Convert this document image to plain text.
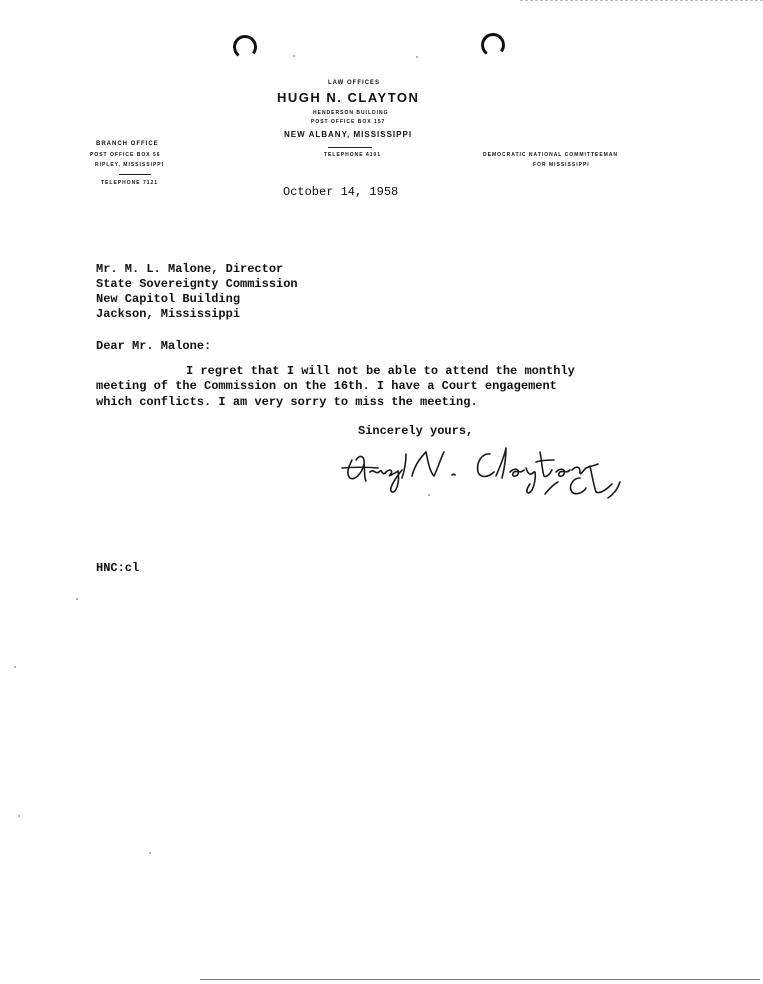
LAW OFFICES
HUGH N. CLAYTON
HENDERSON BUILDING
POST OFFICE BOX 157
NEW ALBANY, MISSISSIPPI
TELEPHONE 4101
BRANCH OFFICE
POST OFFICE BOX 56
RIPLEY, MISSISSIPPI
TELEPHONE 7121
DEMOCRATIC NATIONAL COMMITTEEMAN
FOR MISSISSIPPI
October 14, 1958
Mr. M. L. Malone, Director
State Sovereignty Commission
New Capitol Building
Jackson, Mississippi
Dear Mr. Malone:
I regret that I will not be able to attend the monthly
meeting of the Commission on the 16th. I have a Court engagement
which conflicts. I am very sorry to miss the meeting.
Sincerely yours,
HNC:cl
